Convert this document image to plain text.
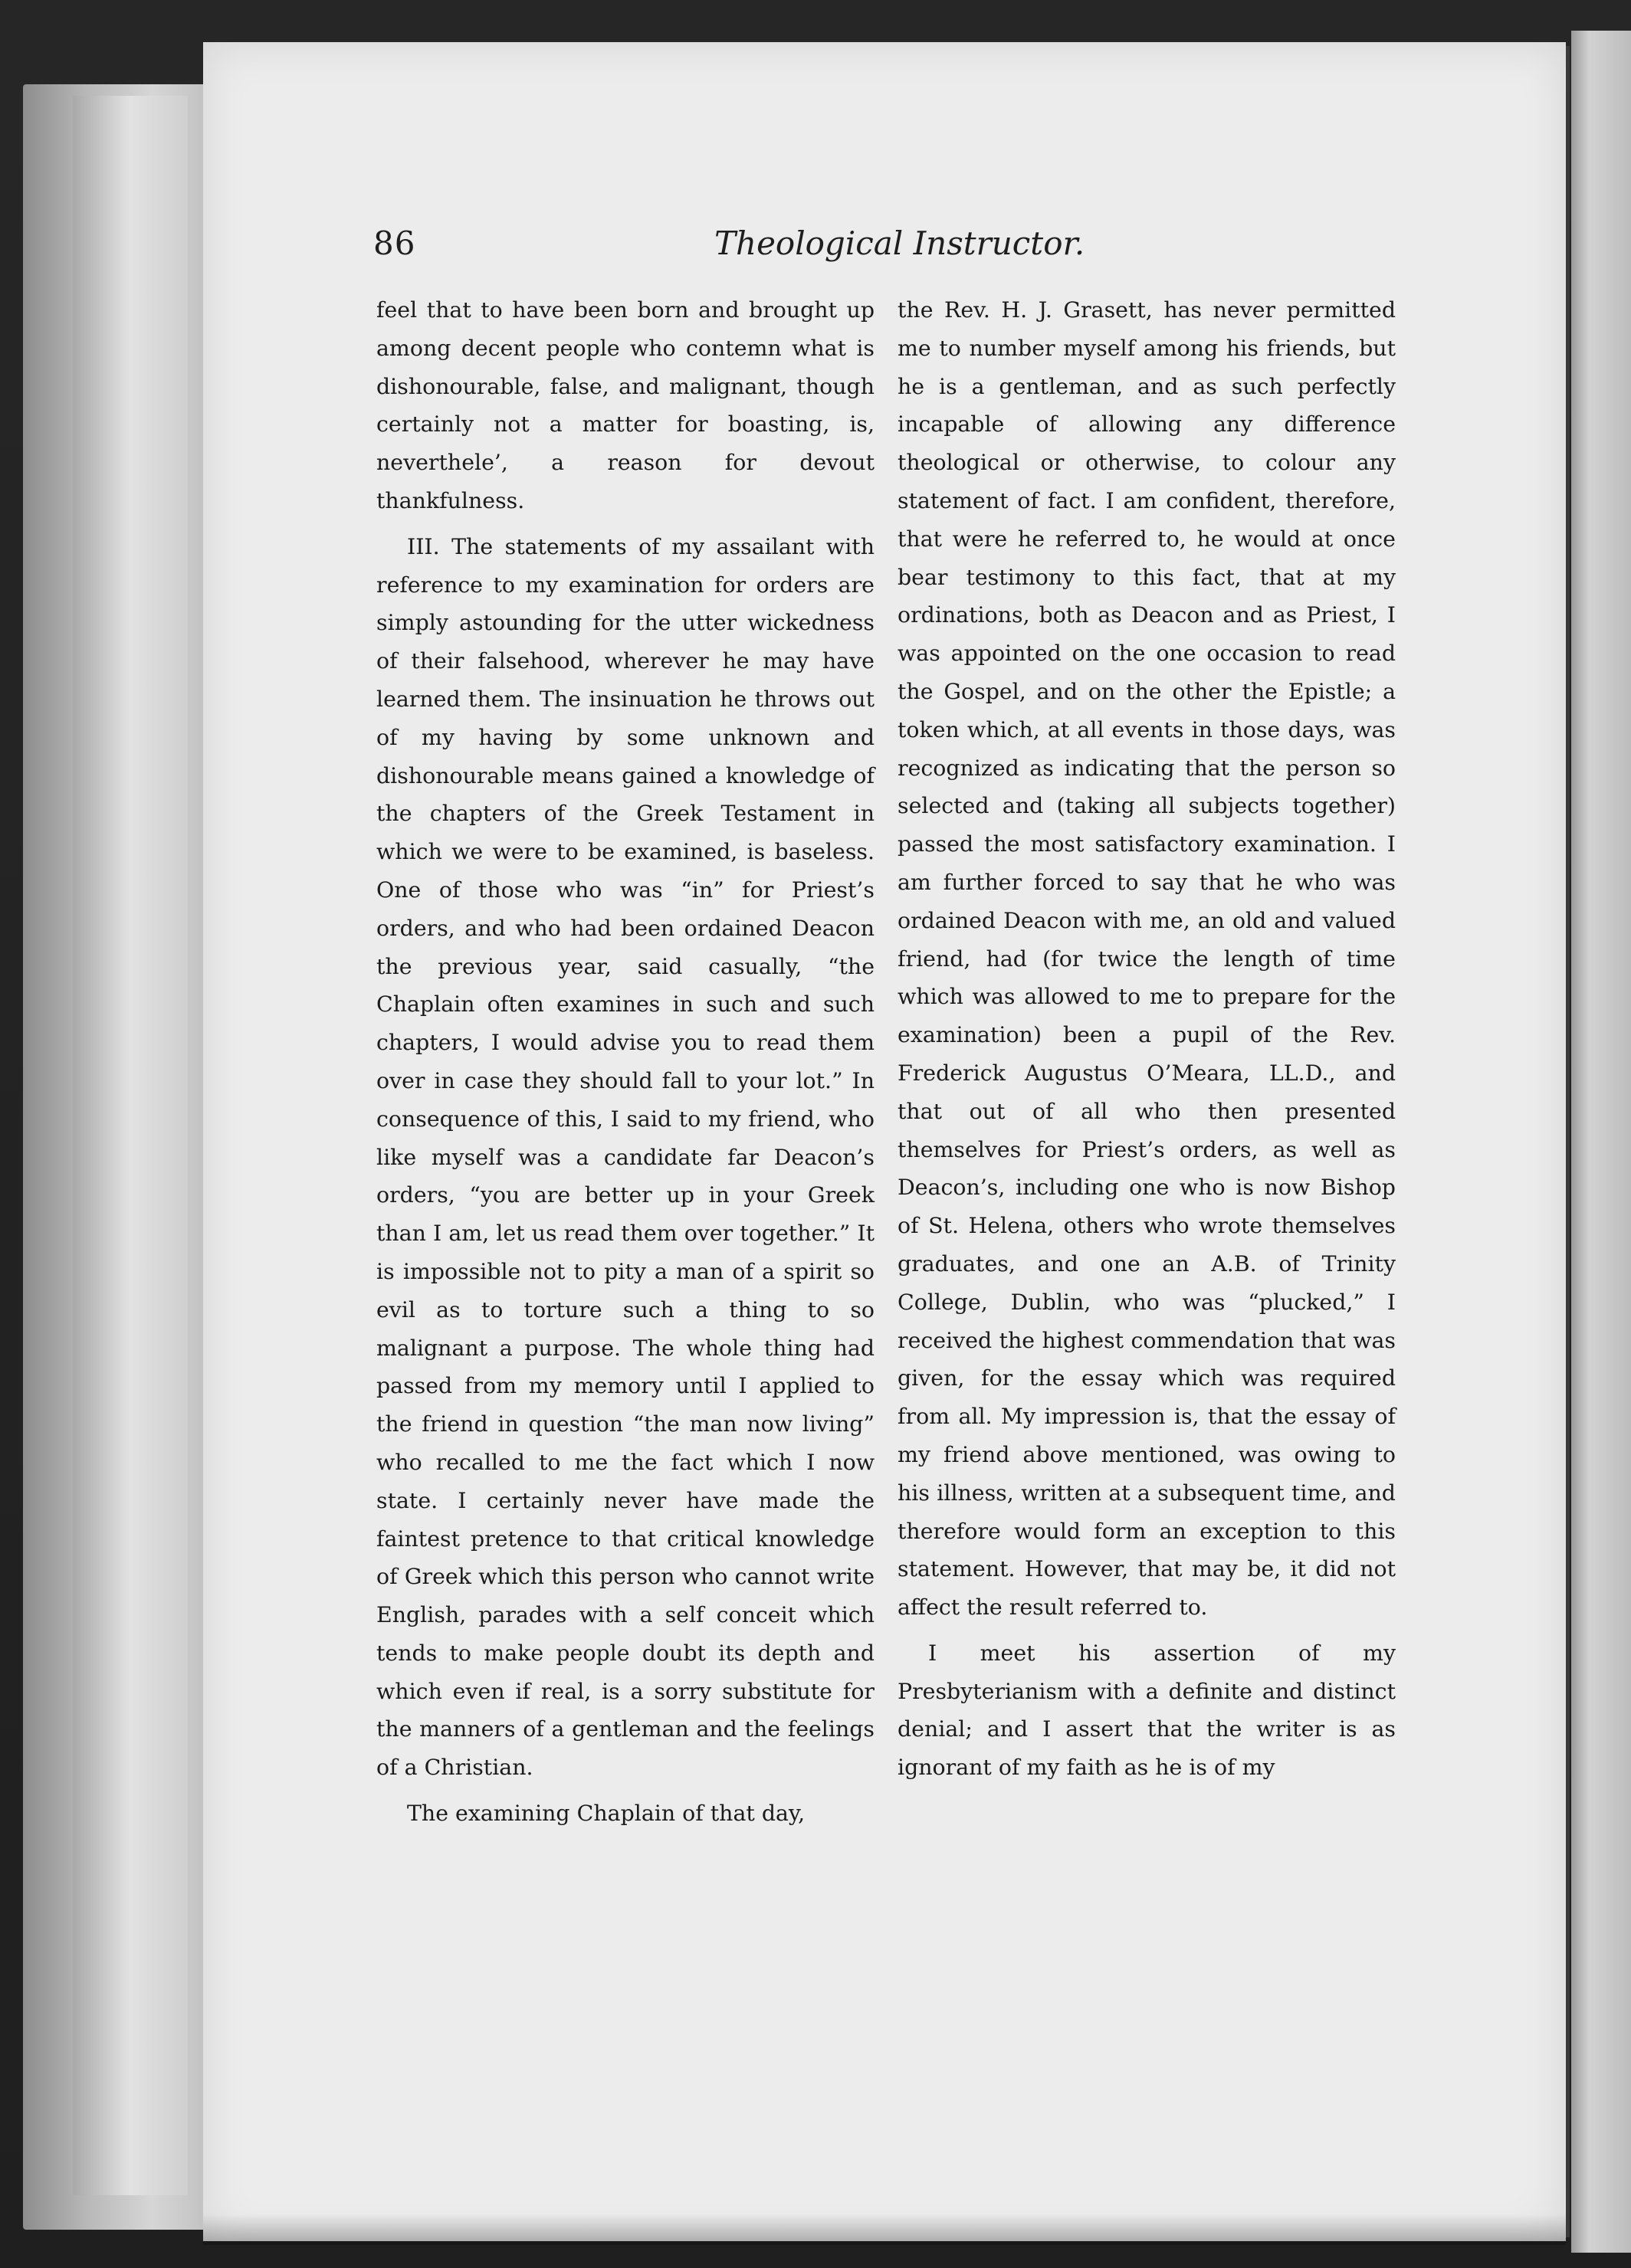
86	Theological Instructor.

feel that to have been born and brought up among decent people who contemn what is dishonourable, false, and malignant, though certainly not a matter for boasting, is, neverthele’, a reason for devout thankfulness.

III. The statements of my assailant with reference to my examination for orders are simply astounding for the utter wickedness of their falsehood, wherever he may have learned them. The insinuation he throws out of my having by some unknown and dishonourable means gained a knowledge of the chapters of the Greek Testament in which we were to be examined, is baseless. One of those who was “in” for Priest’s orders, and who had been ordained Deacon the previous year, said casually, “the Chaplain often examines in such and such chapters, I would advise you to read them over in case they should fall to your lot.” In consequence of this, I said to my friend, who like myself was a candidate far Deacon’s orders, “you are better up in your Greek than I am, let us read them over together.” It is impossible not to pity a man of a spirit so evil as to torture such a thing to so malignant a purpose. The whole thing had passed from my memory until I applied to the friend in question “the man now living” who recalled to me the fact which I now state. I certainly never have made the faintest pretence to that critical knowledge of Greek which this person who cannot write English, parades with a self conceit which tends to make people doubt its depth and which even if real, is a sorry substitute for the manners of a gentleman and the feelings of a Christian.

The examining Chaplain of that day,

the Rev. H. J. Grasett, has never permitted me to number myself among his friends, but he is a gentleman, and as such perfectly incapable of allowing any difference theological or otherwise, to colour any statement of fact. I am confident, therefore, that were he referred to, he would at once bear testimony to this fact, that at my ordinations, both as Deacon and as Priest, I was appointed on the one occasion to read the Gospel, and on the other the Epistle; a token which, at all events in those days, was recognized as indicating that the person so selected and (taking all subjects together) passed the most satisfactory examination. I am further forced to say that he who was ordained Deacon with me, an old and valued friend, had (for twice the length of time which was allowed to me to prepare for the examination) been a pupil of the Rev. Frederick Augustus O’Meara, LL.D., and that out of all who then presented themselves for Priest’s orders, as well as Deacon’s, including one who is now Bishop of St. Helena, others who wrote themselves graduates, and one an A.B. of Trinity College, Dublin, who was “plucked,” I received the highest commendation that was given, for the essay which was required from all. My impression is, that the essay of my friend above mentioned, was owing to his illness, written at a subsequent time, and therefore would form an exception to this statement. However, that may be, it did not affect the result referred to.

I meet his assertion of my Presbyterianism with a definite and distinct denial; and I assert that the writer is as ignorant of my faith as he is of my
